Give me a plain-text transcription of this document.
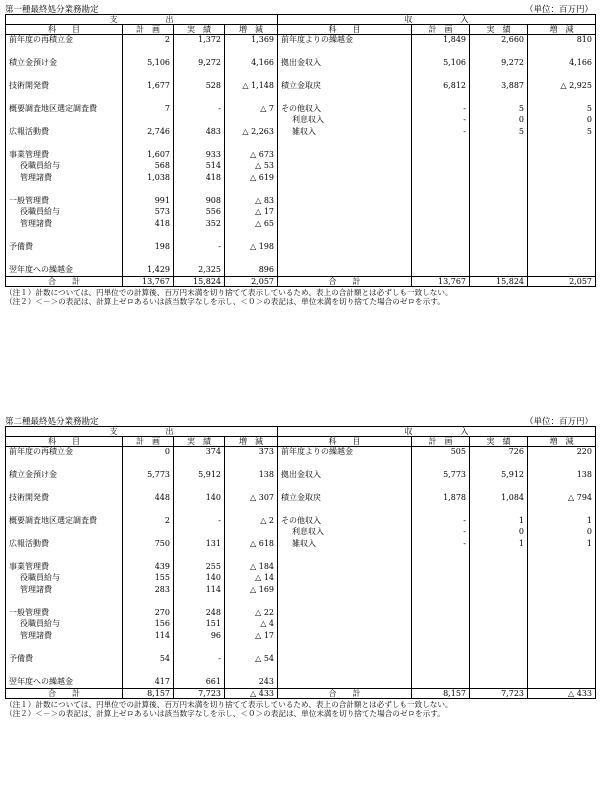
第一種最終処分業務勘定	（単位：百万円）
支　　　　　　出				収　　　　　　入			
科　　目	計　画	実　績	増　減	科　　目	計　画	実　績	増　減
前年度の再積立金	2	1,372	1,369	前年度よりの繰越金	1,849	2,660	810

積立金預け金	5,106	9,272	4,166	拠出金収入	5,106	9,272	4,166

技術開発費	1,677	528	△ 1,148	積立金取戻	6,812	3,887	△ 2,925

概要調査地区選定調査費	7	-	△ 7	その他収入	-	5	5
				利息収入	-	0	0
広報活動費	2,746	483	△ 2,263	雑収入	-	5	5

事業管理費	1,607	933	△ 673				
役職員給与	568	514	△ 53				
管理諸費	1,038	418	△ 619				

一般管理費	991	908	△ 83				
役職員給与	573	556	△ 17				
管理諸費	418	352	△ 65				

予備費	198	-	△ 198				

翌年度への繰越金	1,429	2,325	896				
合　　計	13,767	15,824	2,057	合　　計	13,767	15,824	2,057
（注１）計数については、円単位での計算後、百万円未満を切り捨てて表示しているため、表上の合計額とは必ずしも一致しない。
（注２）＜－＞の表記は、計算上ゼロあるいは該当数字なしを示し、＜０＞の表記は、単位未満を切り捨てた場合のゼロを示す。
第二種最終処分業務勘定	（単位：百万円）
支　　　　　　出				収　　　　　　入			
科　　目	計　画	実　績	増　減	科　　目	計　画	実　績	増　減
前年度の再積立金	0	374	373	前年度よりの繰越金	505	726	220

積立金預け金	5,773	5,912	138	拠出金収入	5,773	5,912	138

技術開発費	448	140	△ 307	積立金取戻	1,878	1,084	△ 794

概要調査地区選定調査費	2	-	△ 2	その他収入	-	1	1
				利息収入	-	0	0
広報活動費	750	131	△ 618	雑収入	-	1	1

事業管理費	439	255	△ 184				
役職員給与	155	140	△ 14				
管理諸費	283	114	△ 169				

一般管理費	270	248	△ 22				
役職員給与	156	151	△ 4				
管理諸費	114	96	△ 17				

予備費	54	-	△ 54				

翌年度への繰越金	417	661	243				
合　　計	8,157	7,723	△ 433	合　　計	8,157	7,723	△ 433
（注１）計数については、円単位での計算後、百万円未満を切り捨てて表示しているため、表上の合計額とは必ずしも一致しない。
（注２）＜－＞の表記は、計算上ゼロあるいは該当数字なしを示し、＜０＞の表記は、単位未満を切り捨てた場合のゼロを示す。
